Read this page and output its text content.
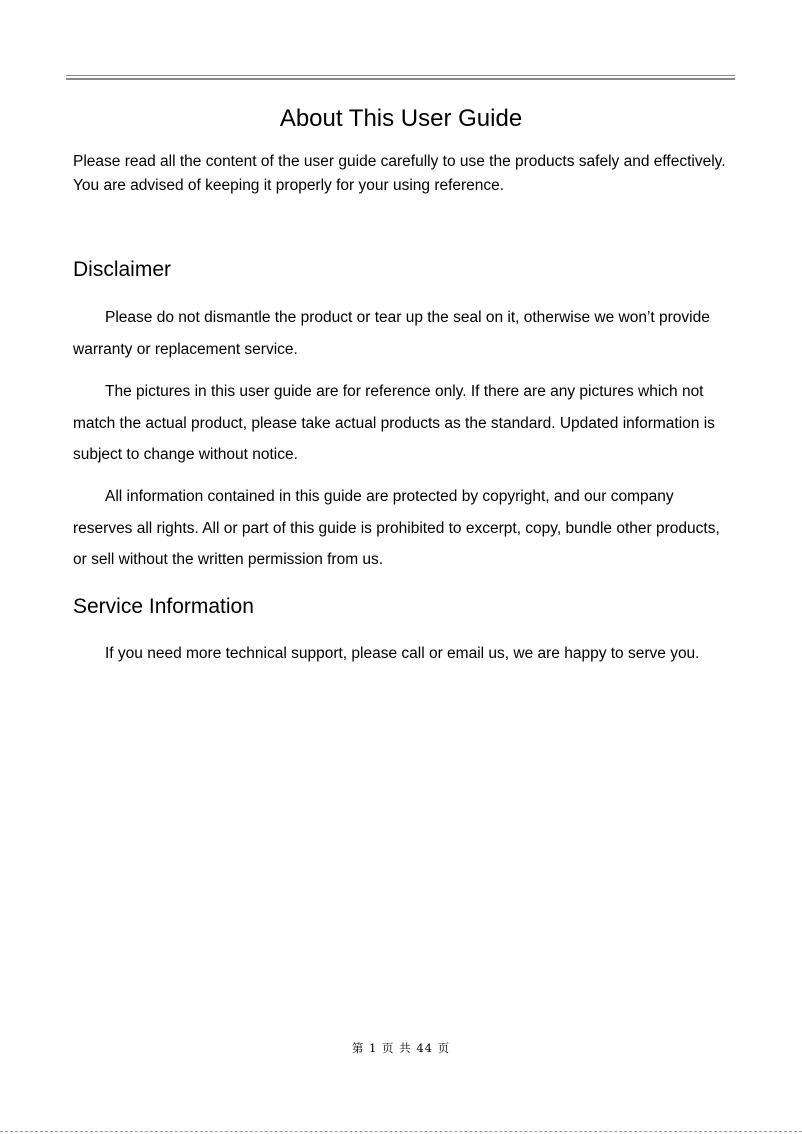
About This User Guide
Please read all the content of the user guide carefully to use the products safely and effectively. You are advised of keeping it properly for your using reference.
Disclaimer
Please do not dismantle the product or tear up the seal on it, otherwise we won’t provide warranty or replacement service.
The pictures in this user guide are for reference only. If there are any pictures which not match the actual product, please take actual products as the standard. Updated information is subject to change without notice.
All information contained in this guide are protected by copyright, and our company reserves all rights. All or part of this guide is prohibited to excerpt, copy, bundle other products, or sell without the written permission from us.
Service Information
If you need more technical support, please call or email us, we are happy to serve you.
第 1 页 共 44 页
